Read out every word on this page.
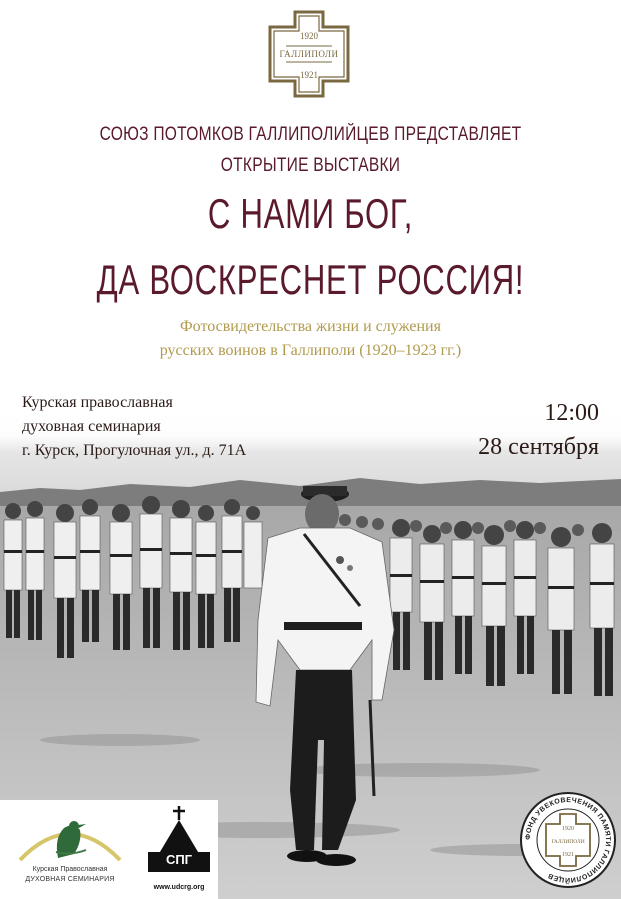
1920
ГАЛЛИПОЛИ
1921
СОЮЗ ПОТОМКОВ ГАЛЛИПОЛИЙЦЕВ ПРЕДСТАВЛЯЕТ
ОТКРЫТИЕ ВЫСТАВКИ
С НАМИ БОГ,
ДА ВОСКРЕСНЕТ РОССИЯ!
Фотосвидетельства жизни и служения
русских воинов в Галлиполи (1920–1923 гг.)
Курская православная
духовная семинария
г. Курск, Прогулочная ул., д. 71А
12:00
28 сентября
Курская Православная
ДУХОВНАЯ СЕМИНАРИЯ
СПГ
www.udcrg.org
ФОНД УВЕКОВЕЧЕНИЯ ПАМЯТИ ГАЛЛИПОЛИЙЦЕВ
1920
ГАЛЛИПОЛИ
1921
